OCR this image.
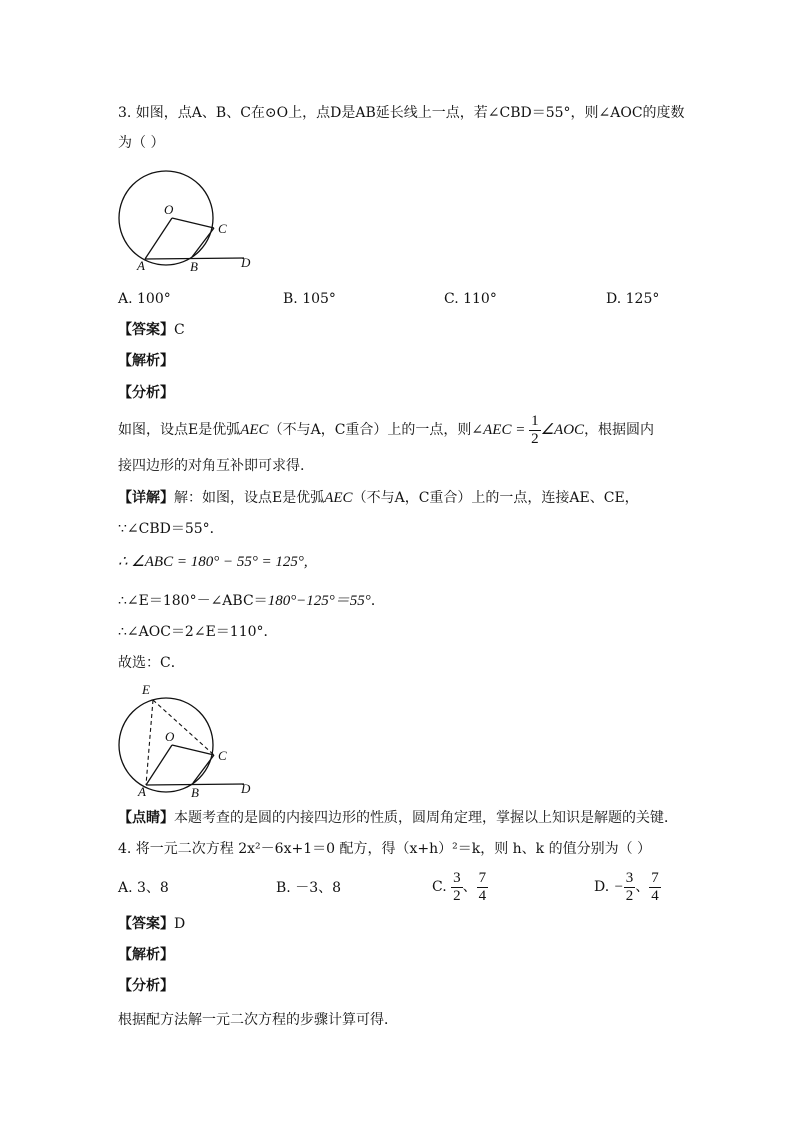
3. 如图，点A、B、C在⊙O上，点D是AB延长线上一点，若∠CBD＝55°，则∠AOC的度数
为（ ）
O
C
A	B	D
A. 100°	B. 105°	C. 110°	D. 125°
【答案】C
【解析】
【分析】
如图，设点E是优弧AEC（不与A，C重合）上的一点，则∠AEC = $\frac{1}{2}$ ∠AOC，根据圆内
接四边形的对角互补即可求得.
【详解】解：如图，设点E是优弧AEC（不与A，C重合）上的一点，连接AE、CE，
∵∠CBD＝55°．
∴ ∠ABC = 180° − 55° = 125°,
∴∠E＝180°－∠ABC＝180°−125°＝55°．
∴∠AOC＝2∠E＝110°．
故选：C．
E
O
C
A	B	D
【点睛】本题考查的是圆的内接四边形的性质，圆周角定理，掌握以上知识是解题的关键．
4. 将一元二次方程 2x²－6x+1＝0 配方，得（x+h）²＝k，则 h、k 的值分别为（ ）
A. 3、8	B. －3、8	C. $\frac{3}{2}$ 、 $\frac{7}{4}$	D. − $\frac{3}{2}$ 、 $\frac{7}{4}$
【答案】D
【解析】
【分析】
根据配方法解一元二次方程的步骤计算可得．
